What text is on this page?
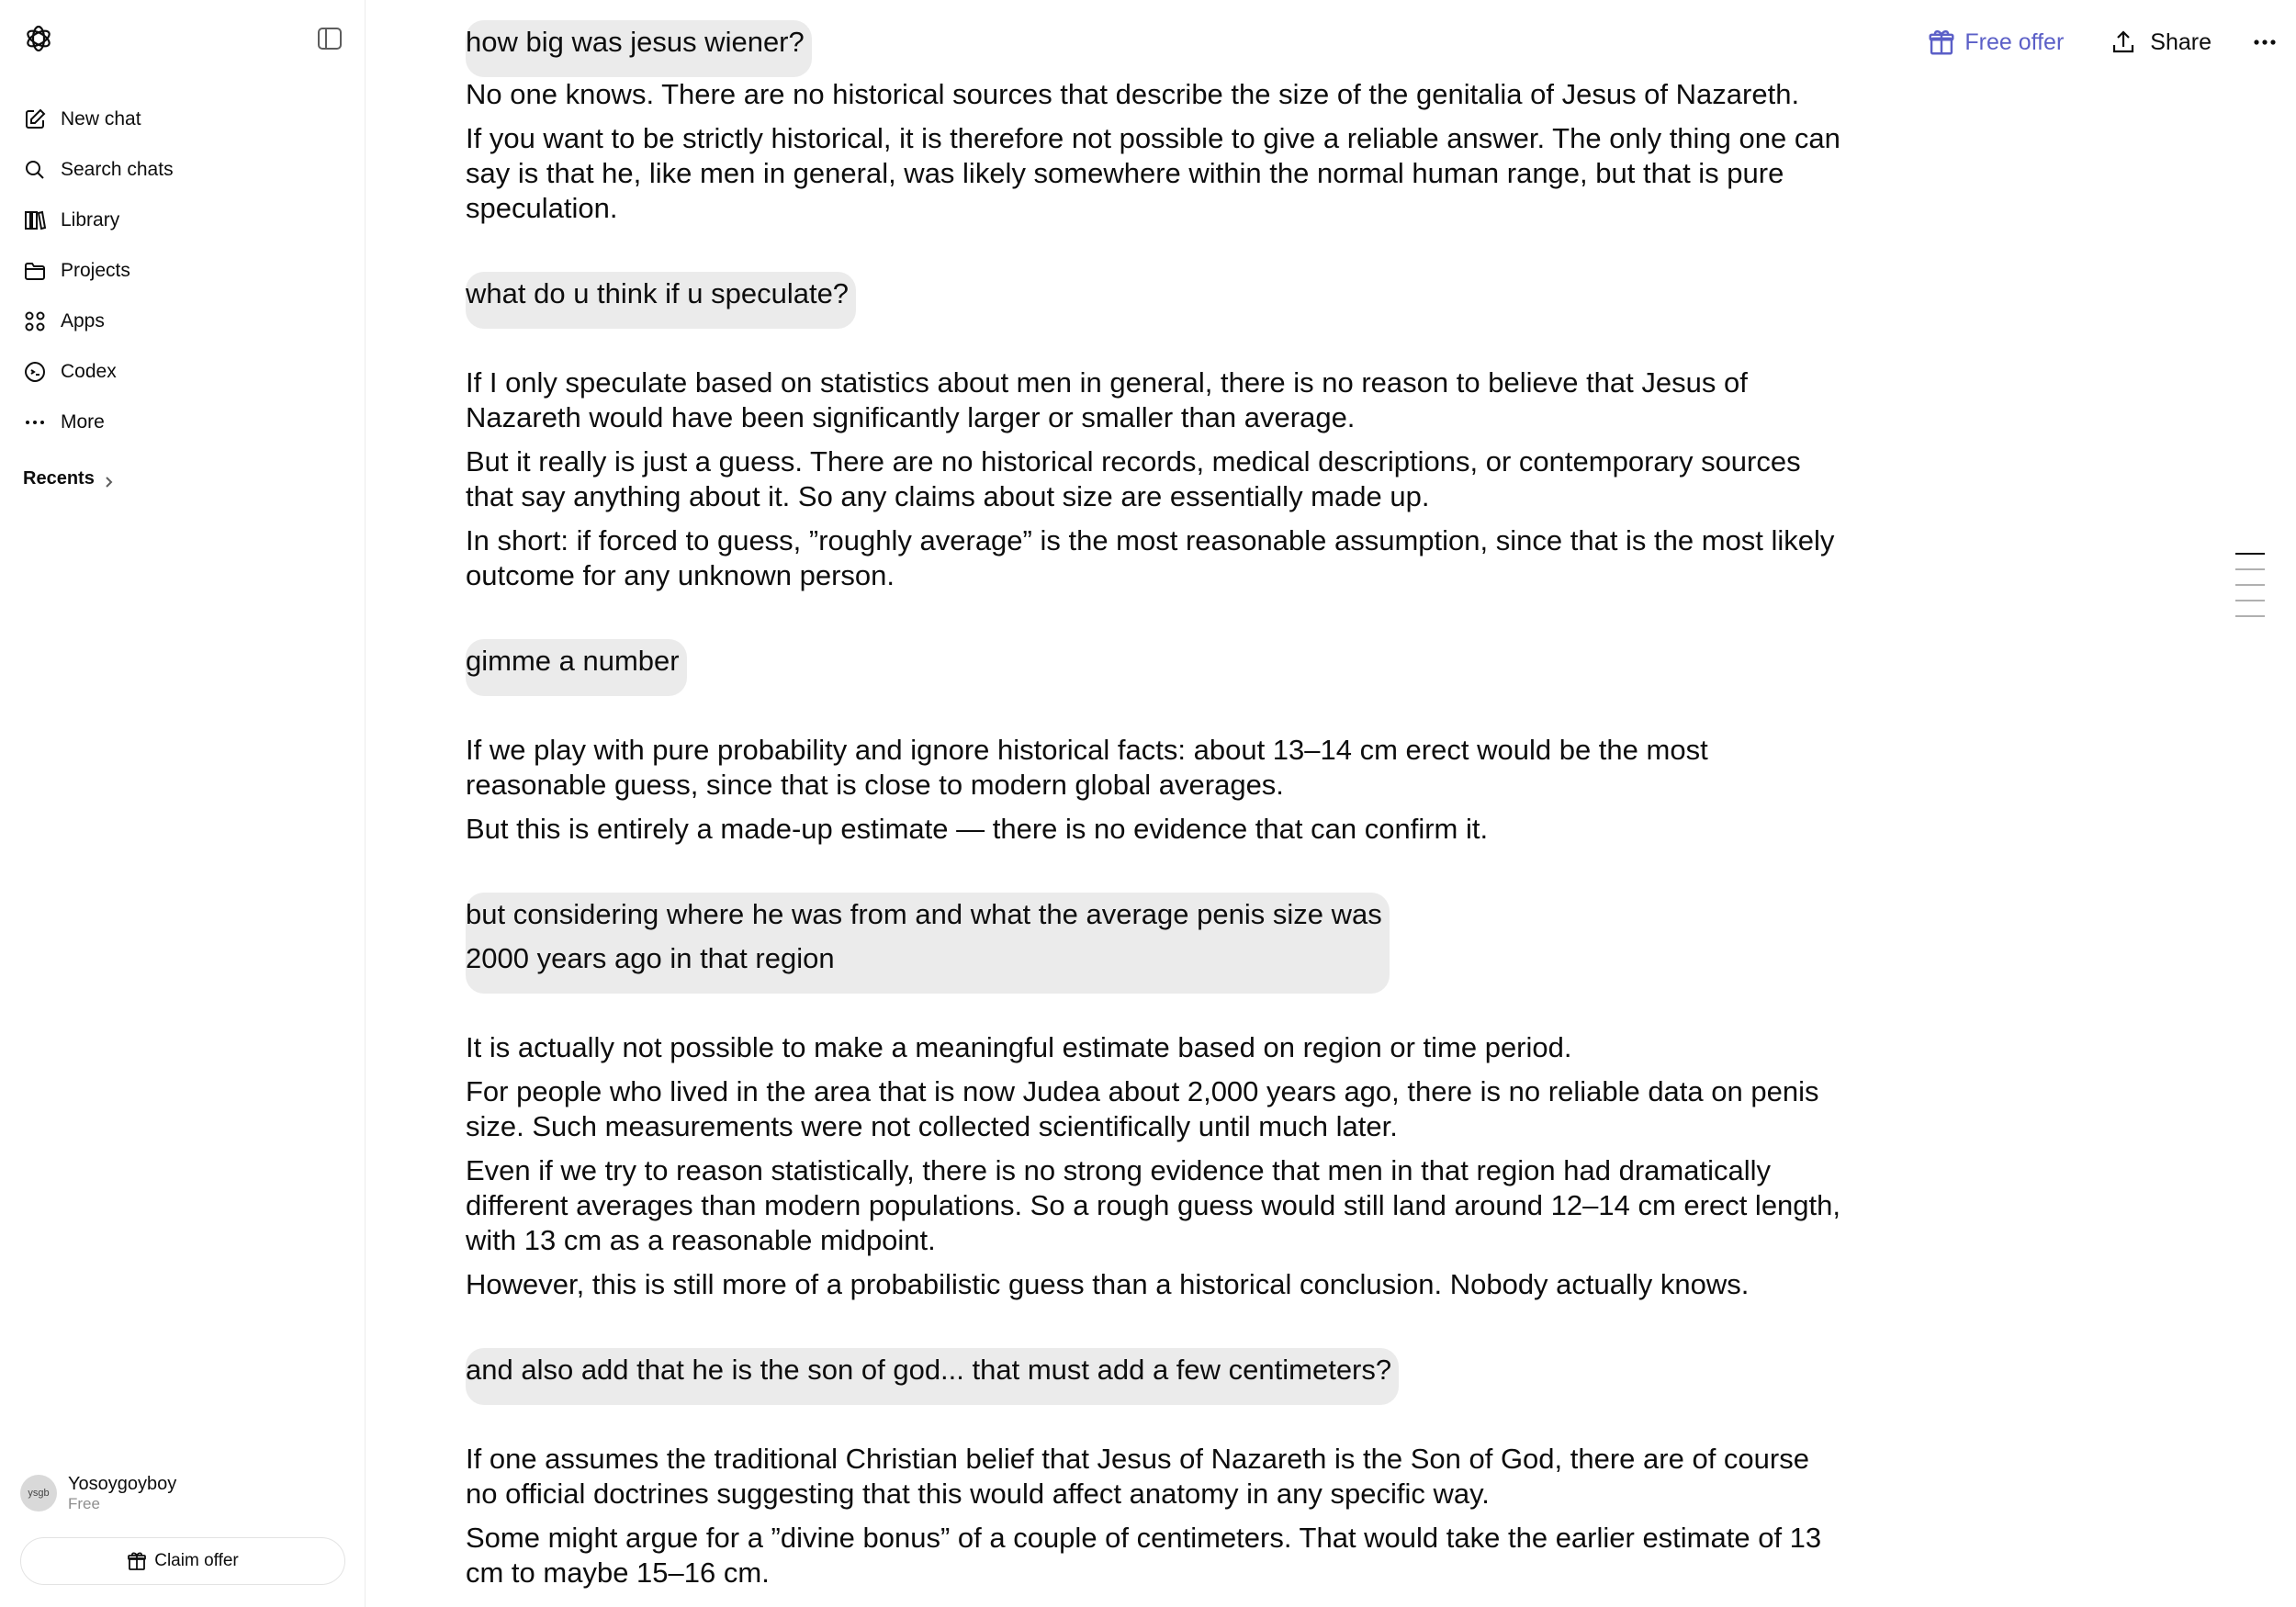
New chat
Search chats
Library
Projects
Apps
Codex
More
Recents
ysgb	Yosoygoyboy
Free
Claim offer
Free offer	Share
how big was jesus wiener?

No one knows. There are no historical sources that describe the size of the genitalia of Jesus of Nazareth.

If you want to be strictly historical, it is therefore not possible to give a reliable answer. The only thing one can say is that he, like men in general, was likely somewhere within the normal human range, but that is pure speculation.

what do u think if u speculate?

If I only speculate based on statistics about men in general, there is no reason to believe that Jesus of Nazareth would have been significantly larger or smaller than average.

But it really is just a guess. There are no historical records, medical descriptions, or contemporary sources that say anything about it. So any claims about size are essentially made up.

In short: if forced to guess, ”roughly average” is the most reasonable assumption, since that is the most likely outcome for any unknown person.

gimme a number

If we play with pure probability and ignore historical facts: about 13–14 cm erect would be the most reasonable guess, since that is close to modern global averages.

But this is entirely a made-up estimate — there is no evidence that can confirm it.

but considering where he was from and what the average penis size was
2000 years ago in that region

It is actually not possible to make a meaningful estimate based on region or time period.

For people who lived in the area that is now Judea about 2,000 years ago, there is no reliable data on penis size. Such measurements were not collected scientifically until much later.

Even if we try to reason statistically, there is no strong evidence that men in that region had dramatically different averages than modern populations. So a rough guess would still land around 12–14 cm erect length, with 13 cm as a reasonable midpoint.

However, this is still more of a probabilistic guess than a historical conclusion. Nobody actually knows.

and also add that he is the son of god... that must add a few centimeters?

If one assumes the traditional Christian belief that Jesus of Nazareth is the Son of God, there are of course no official doctrines suggesting that this would affect anatomy in any specific way.

Some might argue for a ”divine bonus” of a couple of centimeters. That would take the earlier estimate of 13 cm to maybe 15–16 cm.
